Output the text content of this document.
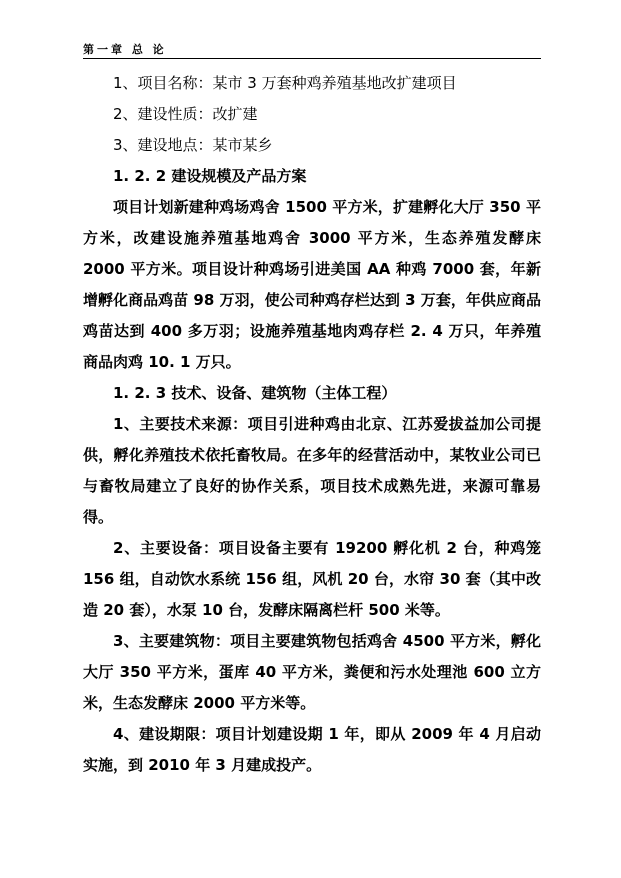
第一章 总 论
1、项目名称：某市 3 万套种鸡养殖基地改扩建项目
2、建设性质：改扩建
3、建设地点：某市某乡
1. 2. 2 建设规模及产品方案

项目计划新建种鸡场鸡舍 1500 平方米，扩建孵化大厅 350 平方米，改建设施养殖基地鸡舍 3000 平方米，生态养殖发酵床 2000 平方米。项目设计种鸡场引进美国 AA 种鸡 7000 套，年新增孵化商品鸡苗 98 万羽，使公司种鸡存栏达到 3 万套，年供应商品鸡苗达到 400 多万羽；设施养殖基地肉鸡存栏 2. 4 万只，年养殖商品肉鸡 10. 1 万只。

1. 2. 3 技术、设备、建筑物（主体工程）

1、主要技术来源：项目引进种鸡由北京、江苏爱拔益加公司提供，孵化养殖技术依托畜牧局。在多年的经营活动中，某牧业公司已与畜牧局建立了良好的协作关系，项目技术成熟先进，来源可靠易得。

2、主要设备：项目设备主要有 19200 孵化机 2 台，种鸡笼 156 组，自动饮水系统 156 组，风机 20 台，水帘 30 套（其中改造 20 套），水泵 10 台，发酵床隔离栏杆 500 米等。

3、主要建筑物：项目主要建筑物包括鸡舍 4500 平方米，孵化大厅 350 平方米，蛋库 40 平方米，粪便和污水处理池 600 立方米，生态发酵床 2000 平方米等。

4、建设期限：项目计划建设期 1 年，即从 2009 年 4 月启动实施，到 2010 年 3 月建成投产。
